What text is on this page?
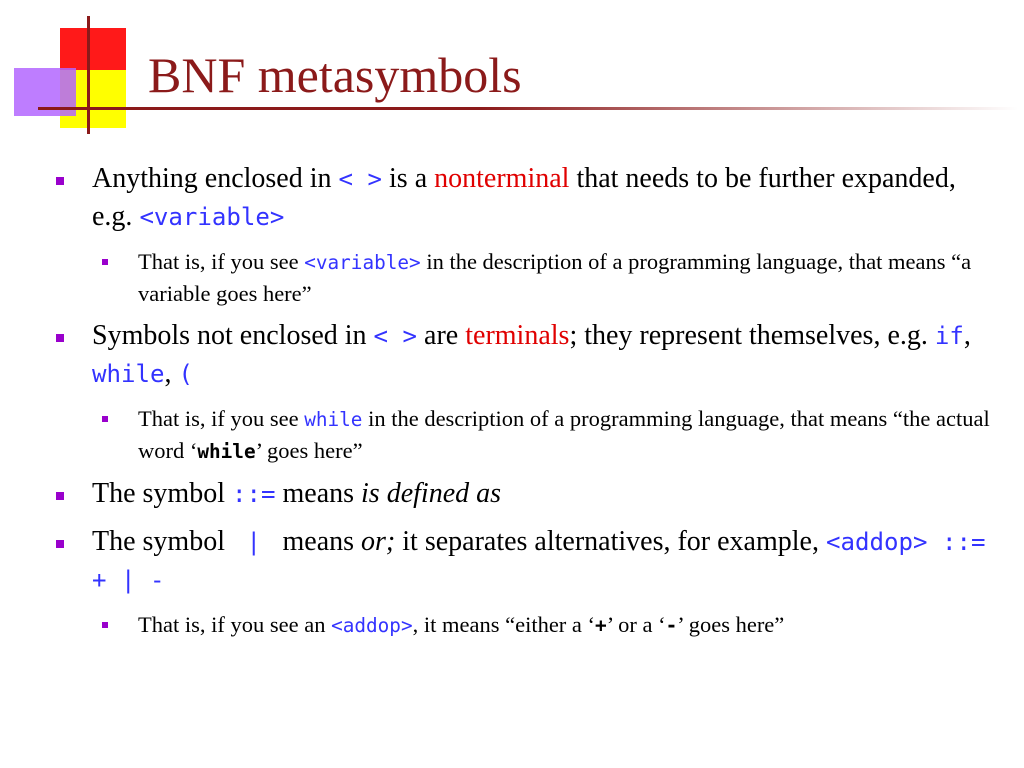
BNF metasymbols
Anything enclosed in < > is a nonterminal that needs to be further expanded, e.g. <variable>
That is, if you see <variable> in the description of a programming language, that means “a variable goes here”
Symbols not enclosed in < > are terminals; they represent themselves, e.g. if, while, (
That is, if you see while in the description of a programming language, that means “the actual word ‘while’ goes here”
The symbol ::= means is defined as
The symbol  |  means or; it separates alternatives, for example, <addop> ::= + | -
That is, if you see an <addop>, it means “either a ‘+’ or a ‘-’ goes here”
